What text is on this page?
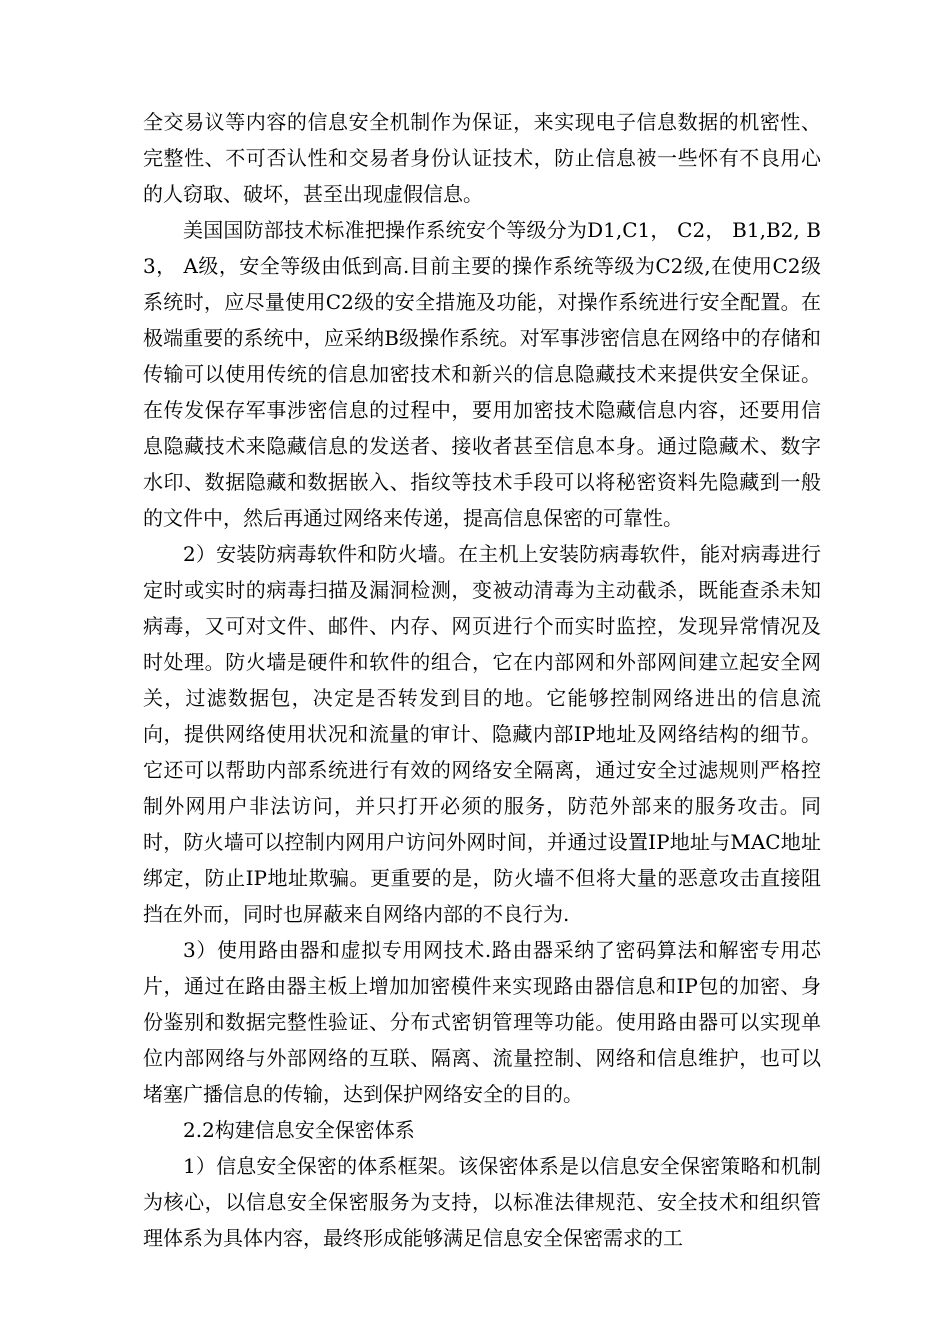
全交易议等内容的信息安全机制作为保证，来实现电子信息数据的机密性、完整性、不可否认性和交易者身份认证技术，防止信息被一些怀有不良用心的人窃取、破坏，甚至出现虚假信息。

美国国防部技术标准把操作系统安个等级分为D1,C1， C2， B1,B2, B3， A级，安全等级由低到高.目前主要的操作系统等级为C2级,在使用C2级系统时，应尽量使用C2级的安全措施及功能，对操作系统进行安全配置。在极端重要的系统中，应采纳B级操作系统。对军事涉密信息在网络中的存储和传输可以使用传统的信息加密技术和新兴的信息隐藏技术来提供安全保证。在传发保存军事涉密信息的过程中，要用加密技术隐藏信息内容，还要用信息隐藏技术来隐藏信息的发送者、接收者甚至信息本身。通过隐藏术、数字水印、数据隐藏和数据嵌入、指纹等技术手段可以将秘密资料先隐藏到一般的文件中，然后再通过网络来传递，提高信息保密的可靠性。

2）安装防病毒软件和防火墙。在主机上安装防病毒软件，能对病毒进行定时或实时的病毒扫描及漏洞检测，变被动清毒为主动截杀，既能查杀未知病毒，又可对文件、邮件、内存、网页进行个而实时监控，发现异常情况及时处理。防火墙是硬件和软件的组合，它在内部网和外部网间建立起安全网关，过滤数据包，决定是否转发到目的地。它能够控制网络进出的信息流向，提供网络使用状况和流量的审计、隐藏内部IP地址及网络结构的细节。它还可以帮助内部系统进行有效的网络安全隔离，通过安全过滤规则严格控制外网用户非法访问，并只打开必须的服务，防范外部来的服务攻击。同时，防火墙可以控制内网用户访问外网时间，并通过设置IP地址与MAC地址绑定，防止IP地址欺骗。更重要的是，防火墙不但将大量的恶意攻击直接阻挡在外而，同时也屏蔽来自网络内部的不良行为.

3）使用路由器和虚拟专用网技术.路由器采纳了密码算法和解密专用芯片，通过在路由器主板上增加加密模件来实现路由器信息和IP包的加密、身份鉴别和数据完整性验证、分布式密钥管理等功能。使用路由器可以实现单位内部网络与外部网络的互联、隔离、流量控制、网络和信息维护，也可以堵塞广播信息的传输，达到保护网络安全的目的。

2.2构建信息安全保密体系

1）信息安全保密的体系框架。该保密体系是以信息安全保密策略和机制为核心，以信息安全保密服务为支持，以标准法律规范、安全技术和组织管理体系为具体内容，最终形成能够满足信息安全保密需求的工
